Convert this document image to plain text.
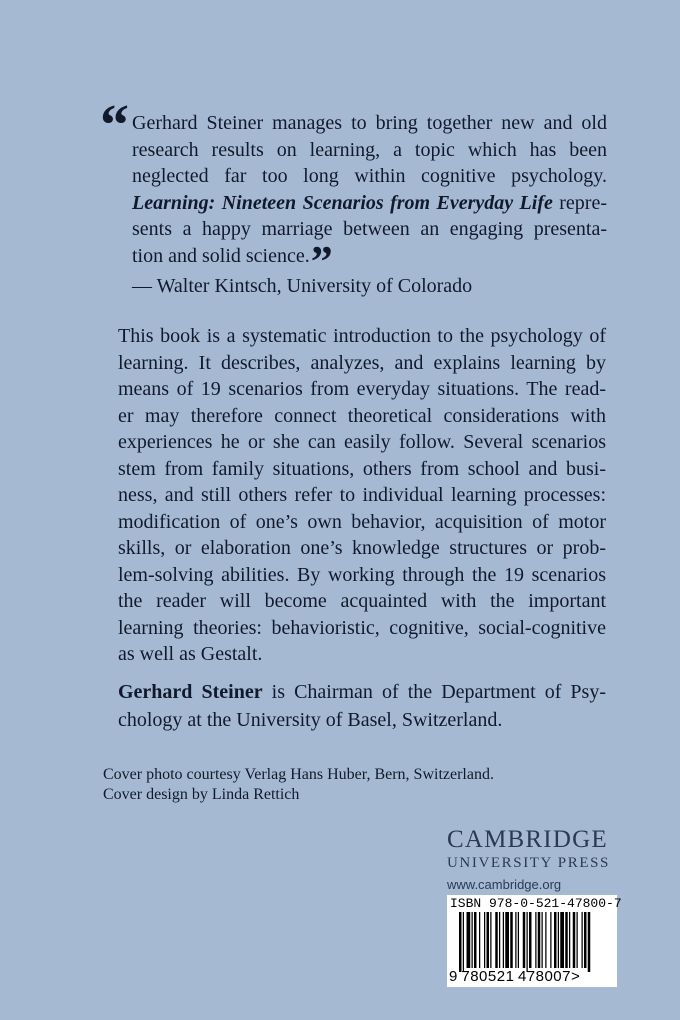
“ Gerhard Steiner manages to bring together new and old
research results on learning, a topic which has been
neglected far too long within cognitive psychology.
Learning: Nineteen Scenarios from Everyday Life repre-
sents a happy marriage between an engaging presenta-
tion and solid science.”
— Walter Kintsch, University of Colorado
This book is a systematic introduction to the psychology of
learning. It describes, analyzes, and explains learning by
means of 19 scenarios from everyday situations. The read-
er may therefore connect theoretical considerations with
experiences he or she can easily follow. Several scenarios
stem from family situations, others from school and busi-
ness, and still others refer to individual learning processes:
modification of one’s own behavior, acquisition of motor
skills, or elaboration one’s knowledge structures or prob-
lem-solving abilities. By working through the 19 scenarios
the reader will become acquainted with the important
learning theories: behavioristic, cognitive, social-cognitive
as well as Gestalt.
Gerhard Steiner is Chairman of the Department of Psy-
chology at the University of Basel, Switzerland.
Cover photo courtesy Verlag Hans Huber, Bern, Switzerland.
Cover design by Linda Rettich
CAMBRIDGE
UNIVERSITY PRESS
www.cambridge.org
ISBN 978-0-521-47800-7
9  780521  478007>
